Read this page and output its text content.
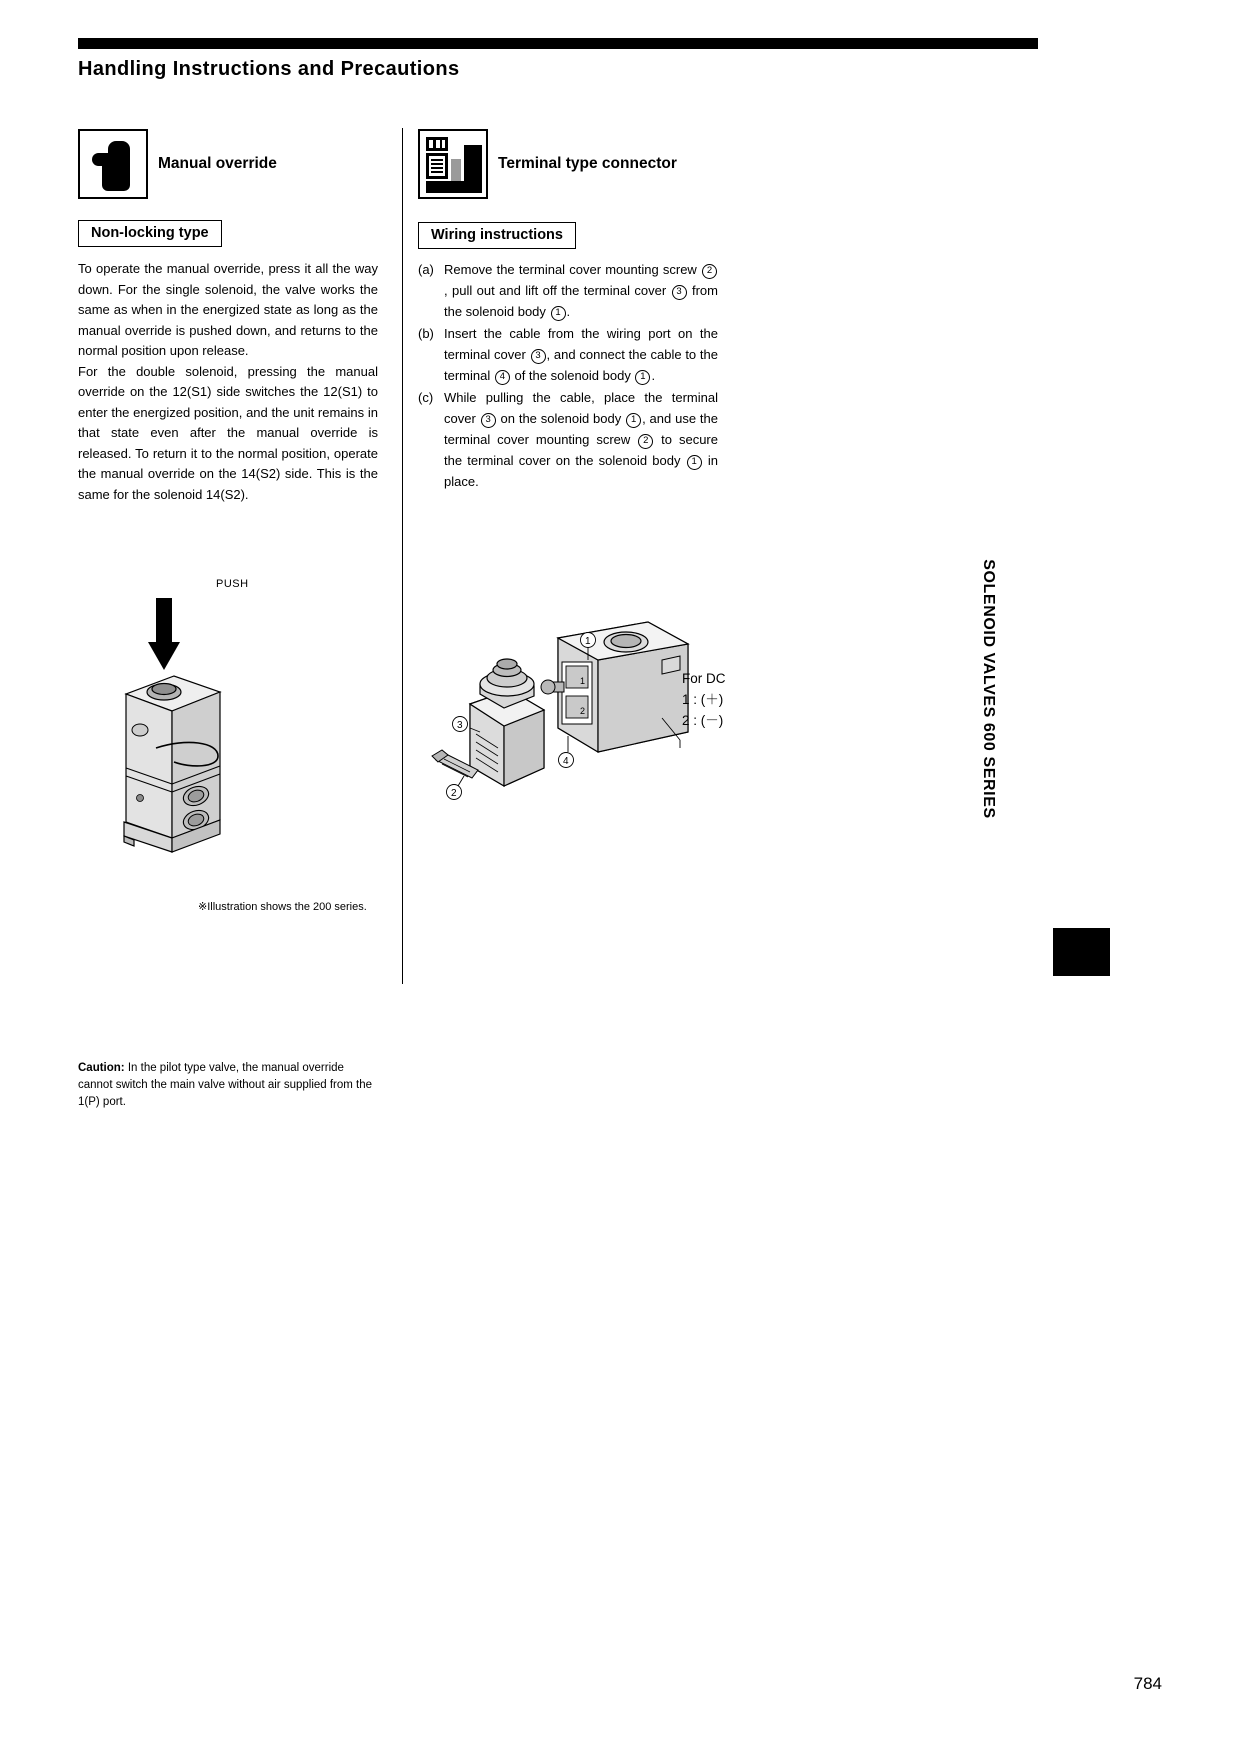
Handling Instructions and Precautions
Manual override
Non-locking type

To operate the manual override, press it all the way down. For the single solenoid, the valve works the same as when in the energized state as long as the manual override is pushed down, and returns to the normal position upon release.

For the double solenoid, pressing the manual override on the 12(S1) side switches the 12(S1) to enter the energized position, and the unit remains in that state even after the manual override is released. To return it to the normal position, operate the manual override on the 14(S2) side. This is the same for the solenoid 14(S2).

PUSH
※Illustration shows the 200 series.
Caution: In the pilot type valve, the manual override cannot switch the main valve without air supplied from the 1(P) port.
Terminal type connector
Wiring instructions
(a) Remove the terminal cover mounting screw 2, pull out and lift off the terminal cover 3 from the solenoid body 1 .
(b) Insert the cable from the wiring port on the terminal cover 3 , and connect the cable to the terminal 4 of the solenoid body 1 .
(c) While pulling the cable, place the terminal cover 3 on the solenoid body 1 , and use the terminal cover mounting screw 2 to secure the terminal cover on the solenoid body 1 in place.
1
2
1
2
3
4
For DC
1 : (＋)
2 : (－)	SOLENOID VALVES 600 SERIES
784
